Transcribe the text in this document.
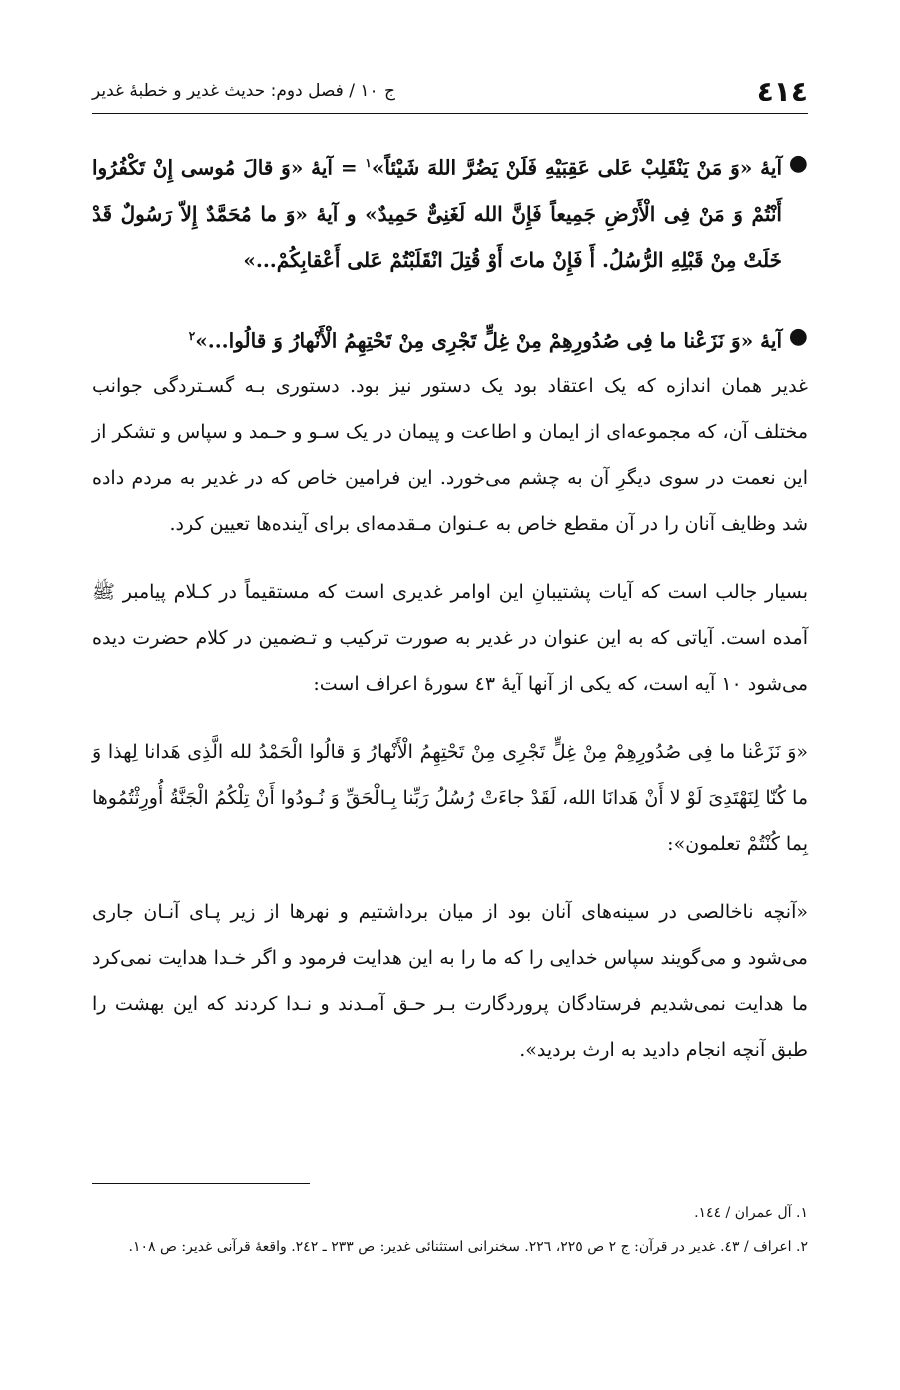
٤١٤
ج ١٠ / فصل دوم: حدیث غدیر و خطبهٔ غدیر

●
آیهٔ «وَ مَنْ یَنْقَلِبْ عَلی عَقِبَیْهِ فَلَنْ یَضُرَّ اللهَ شَیْئاً»$^١$ = آیهٔ «وَ قالَ مُوسی إِنْ تَکْفُرُوا أَنْتُمْ وَ مَنْ فِی الْأَرْضِ جَمِیعاً فَإِنَّ الله لَغَنِیٌّ حَمِیدٌ» و آیهٔ «وَ ما مُحَمَّدٌ إِلاّ رَسُولٌ قَدْ خَلَتْ مِنْ قَبْلِهِ الرُّسُلُ. أَ فَإِنْ ماتَ أَوْ قُتِلَ انْقَلَبْتُمْ عَلی أَعْقابِکُمْ...»

●
آیهٔ «وَ نَزَعْنا ما فِی صُدُورِهِمْ مِنْ غِلٍّ تَجْرِی مِنْ تَحْتِهِمُ الْأَنْهارُ وَ قالُوا...»$^٢$

غدیر همان اندازه که یک اعتقاد بود یک دستور نیز بود. دستوری بـه گسـتردگی جوانب مختلف آن، که مجموعه‌ای از ایمان و اطاعت و پیمان در یک سـو و حـمد و سپاس و تشکر از این نعمت در سوی دیگرِ آن به چشم می‌خورد. این فرامین خاص که در غدیر به مردم داده شد وظایف آنان را در آن مقطع خاص به عـنوان مـقدمه‌ای برای آینده‌ها تعیین کرد.

بسیار جالب است که آیات پشتیبانِ این اوامر غدیری است که مستقیماً در کـلام پیامبر ﷺ آمده است. آیاتی که به این عنوان در غدیر به صورت ترکیب و تـضمین در کلام حضرت دیده می‌شود ١٠ آیه است، که یکی از آنها آیهٔ ٤٣ سورهٔ اعراف است:

«وَ نَزَعْنا ما فِی صُدُورِهِمْ مِنْ غِلٍّ تَجْرِی مِنْ تَحْتِهِمُ الْأَنْهارُ وَ قالُوا الْحَمْدُ لله الَّذِی هَدانا لِهذا وَ ما کُنّا لِنَهْتَدِیَ لَوْ لا أَنْ هَدانَا الله، لَقَدْ جاءَتْ رُسُلُ رَبِّنا بِـالْحَقِّ وَ نُـودُوا أَنْ تِلْکُمُ الْجَنَّةُ أُورِثْتُمُوها بِما کُنْتُمْ تعلمون»:

«آنچه ناخالصی در سینه‌های آنان بود از میان برداشتیم و نهرها از زیر پـای آنـان جاری می‌شود و می‌گویند سپاس خدایی را که ما را به این هدایت فرمود و اگر خـدا هدایت نمی‌کرد ما هدایت نمی‌شدیم فرستادگان پروردگارت بـر حـق آمـدند و نـدا کردند که این بهشت را طبق آنچه انجام دادید به ارث بردید».

١. آل عمران / ١٤٤.

٢. اعراف / ٤٣. غدیر در قرآن: ج ٢ ص ٢٢٥، ٢٢٦. سخنرانی استثنائی غدیر: ص ٢٣٣ ـ ٢٤٢. واقعهٔ قرآنی غدیر: ص ١٠٨.
